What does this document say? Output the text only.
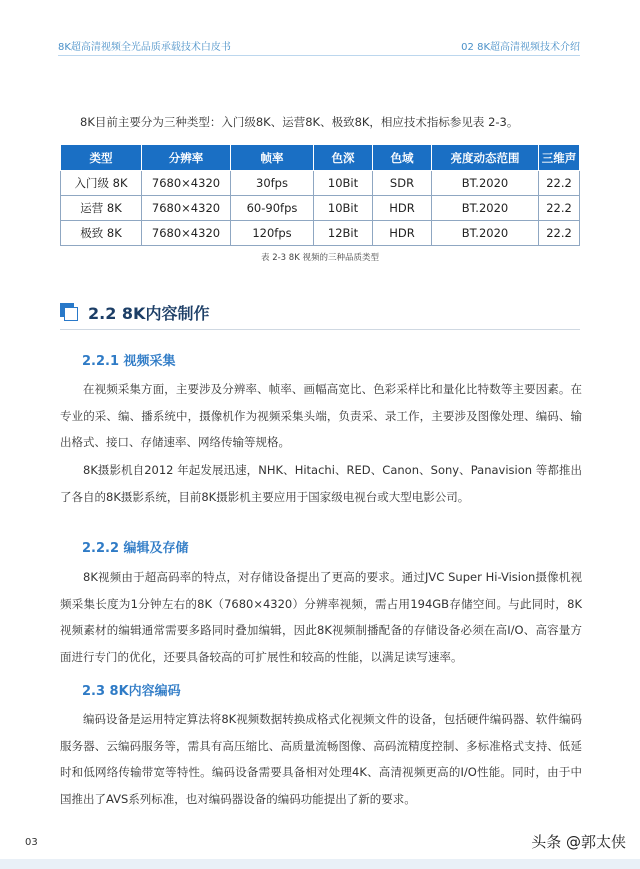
8K超高清视频全光品质承载技术白皮书	02 8K超高清视频技术介绍
8K目前主要分为三种类型：入门级8K、运营8K、极致8K，相应技术指标参见表 2-3。
类型	分辨率	帧率	色深	色域	亮度动态范围	三维声
入门级 8K	7680×4320	30fps	10Bit	SDR	BT.2020	22.2
运营 8K	7680×4320	60-90fps	10Bit	HDR	BT.2020	22.2
极致 8K	7680×4320	120fps	12Bit	HDR	BT.2020	22.2
表 2-3 8K 视频的三种品质类型
2.2 8K内容制作
2.2.1 视频采集

在视频采集方面，主要涉及分辨率、帧率、画幅高宽比、色彩采样比和量化比特数等主要因素。在专业的采、编、播系统中，摄像机作为视频采集头端，负责采、录工作，主要涉及图像处理、编码、输出格式、接口、存储速率、网络传输等规格。

8K摄影机自2012 年起发展迅速，NHK、Hitachi、RED、Canon、Sony、Panavision 等都推出了各自的8K摄影系统，目前8K摄影机主要应用于国家级电视台或大型电影公司。

2.2.2 编辑及存储

8K视频由于超高码率的特点，对存储设备提出了更高的要求。通过JVC Super Hi-Vision摄像机视频采集长度为1分钟左右的8K（7680×4320）分辨率视频，需占用194GB存储空间。与此同时，8K视频素材的编辑通常需要多路同时叠加编辑，因此8K视频制播配备的存储设备必须在高I/O、高容量方面进行专门的优化，还要具备较高的可扩展性和较高的性能，以满足读写速率。

2.3 8K内容编码

编码设备是运用特定算法将8K视频数据转换成格式化视频文件的设备，包括硬件编码器、软件编码服务器、云编码服务等，需具有高压缩比、高质量流畅图像、高码流精度控制、多标准格式支持、低延时和低网络传输带宽等特性。编码设备需要具备相对处理4K、高清视频更高的I/O性能。同时，由于中国推出了AVS系列标准，也对编码器设备的编码功能提出了新的要求。

03	头条 @郭太侠
